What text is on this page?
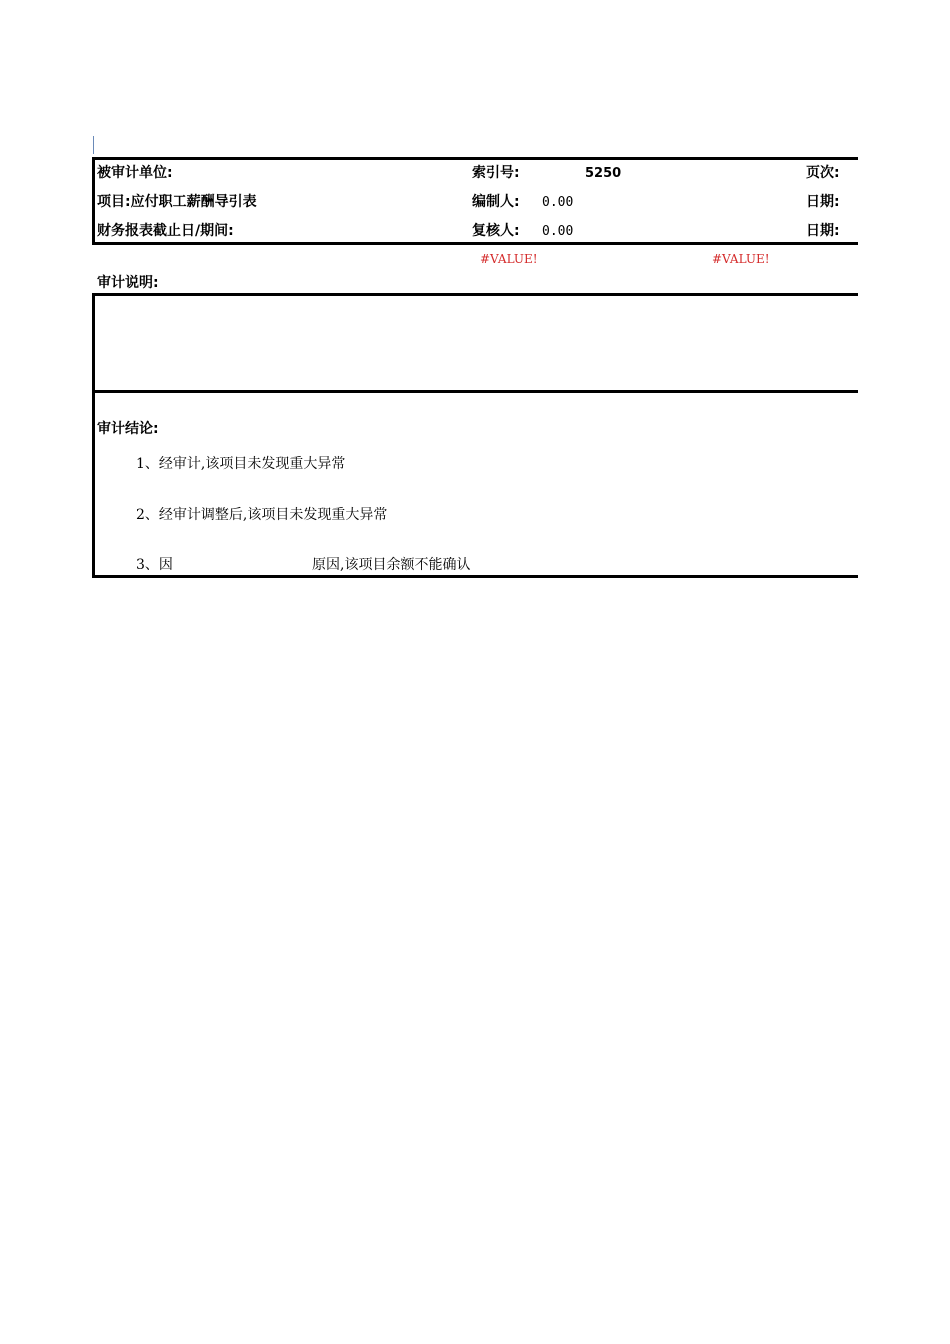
被审计单位:	索引号:	5250	页次:
项目:应付职工薪酬导引表	编制人: 0.00	日期:
财务报表截止日/期间:	复核人: 0.00	日期:
#VALUE!	#VALUE!
审计说明:
审计结论:
1、经审计,该项目未发现重大异常
2、经审计调整后,该项目未发现重大异常
3、因	原因,该项目余额不能确认
